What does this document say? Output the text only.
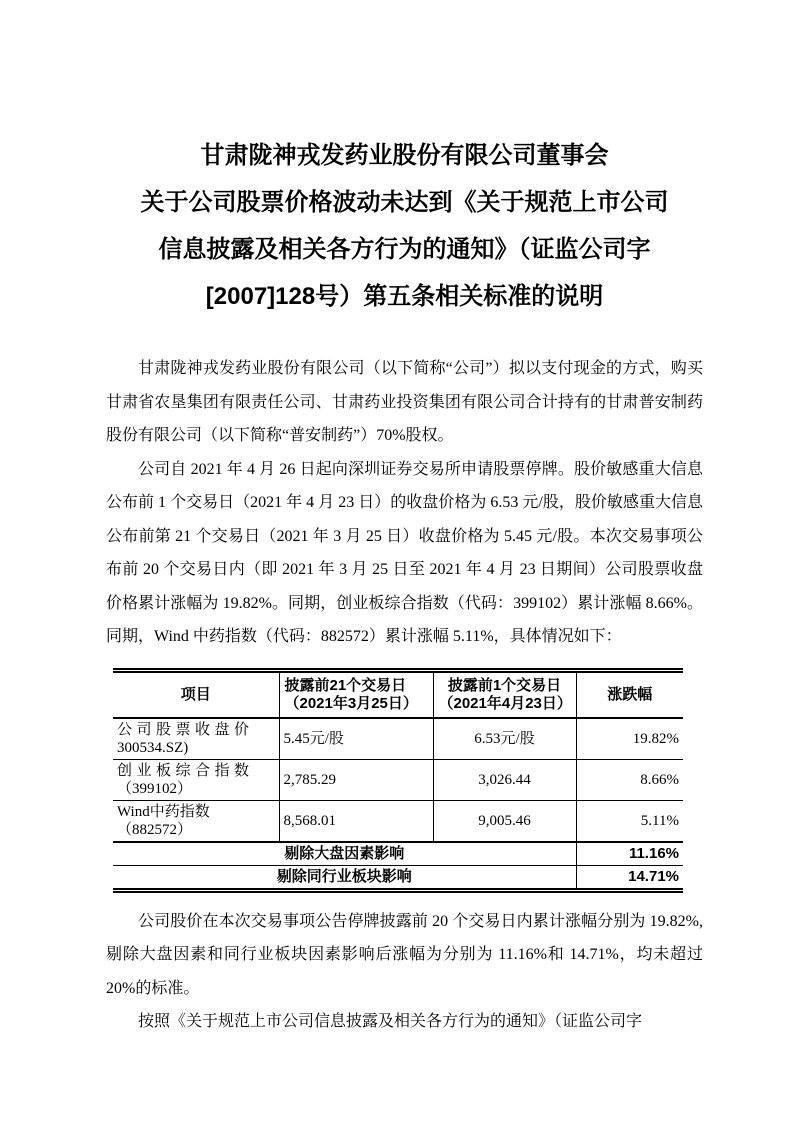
甘肃陇神戎发药业股份有限公司董事会
关于公司股票价格波动未达到《关于规范上市公司
信息披露及相关各方行为的通知》（证监公司字
[2007]128号）第五条相关标准的说明

甘肃陇神戎发药业股份有限公司（以下简称“公司”）拟以支付现金的方式，购买甘肃省农垦集团有限责任公司、甘肃药业投资集团有限公司合计持有的甘肃普安制药股份有限公司（以下简称“普安制药”）70%股权。

公司自 2021 年 4 月 26 日起向深圳证券交易所申请股票停牌。股价敏感重大信息公布前 1 个交易日（2021 年 4 月 23 日）的收盘价格为 6.53 元/股，股价敏感重大信息公布前第 21 个交易日（2021 年 3 月 25 日）收盘价格为 5.45 元/股。本次交易事项公布前 20 个交易日内（即 2021 年 3 月 25 日至 2021 年 4 月 23 日期间）公司股票收盘价格累计涨幅为 19.82%。同期，创业板综合指数（代码：399102）累计涨幅 8.66%。同期，Wind 中药指数（代码：882572）累计涨幅 5.11%，具体情况如下：

项目	披露前21个交易日（2021年3月25日）	披露前1个交易日（2021年4月23日）	涨跌幅

公司股票收盘价
300534.SZ)	5.45元/股	6.53元/股	19.82%

创业板综合指数
（399102）	2,785.29	3,026.44	8.66%

Wind中药指数（882572）	8,568.01	9,005.46	5.11%
剔除大盘因素影响			11.16%
剔除同行业板块影响			14.71%

公司股价在本次交易事项公告停牌披露前 20 个交易日内累计涨幅分别为 19.82%,剔除大盘因素和同行业板块因素影响后涨幅为分别为 11.16%和 14.71%，均未超过 20%的标准。

按照《关于规范上市公司信息披露及相关各方行为的通知》（证监公司字
